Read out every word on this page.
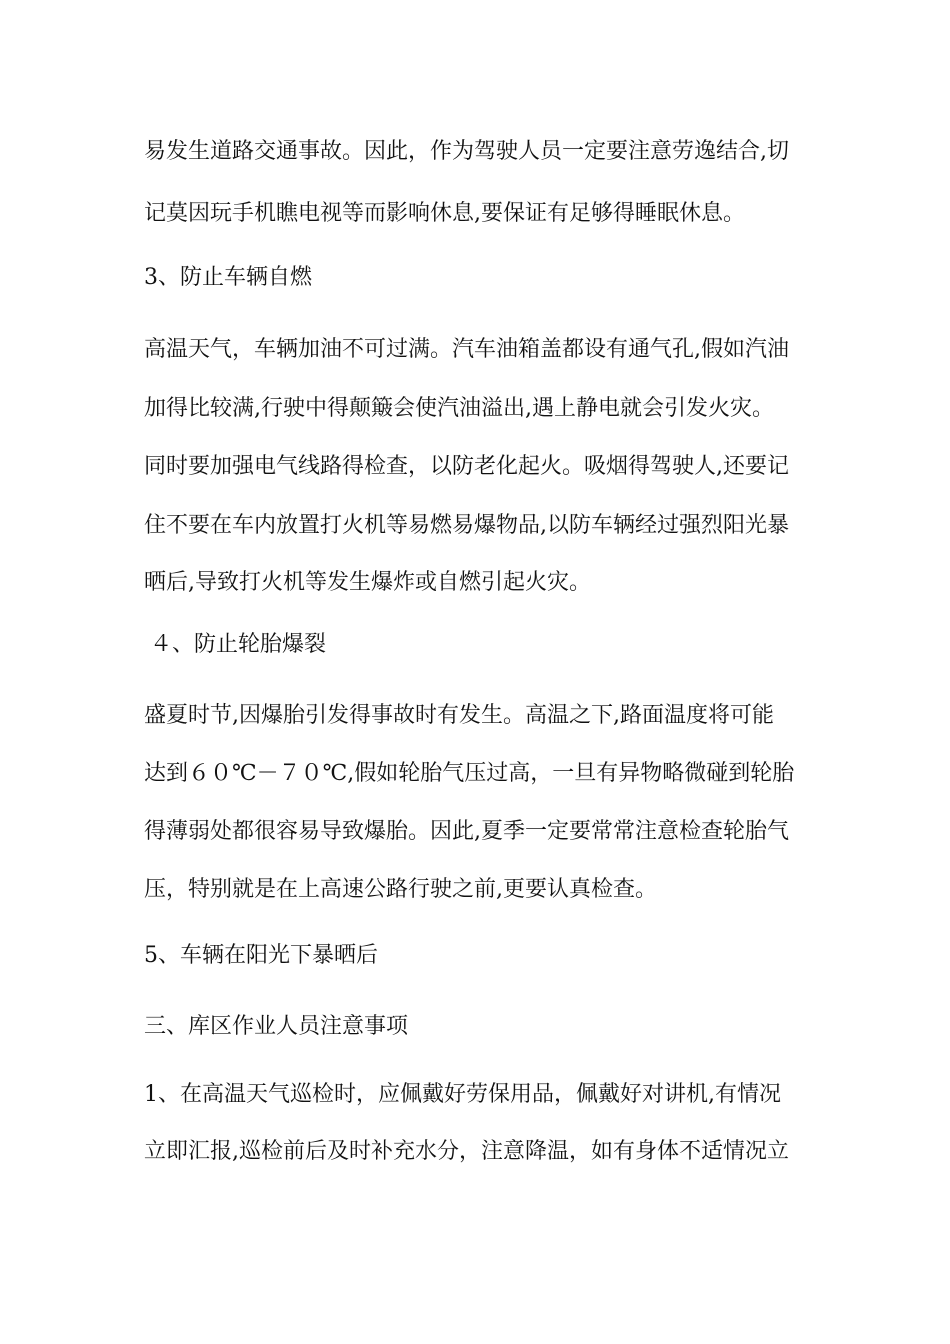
易发生道路交通事故。因此，作为驾驶人员一定要注意劳逸结合,切

记莫因玩手机瞧电视等而影响休息,要保证有足够得睡眠休息。

3、防止车辆自燃

高温天气，车辆加油不可过满。汽车油箱盖都设有通气孔,假如汽油

加得比较满,行驶中得颠簸会使汽油溢出,遇上静电就会引发火灾。

同时要加强电气线路得检查，以防老化起火。吸烟得驾驶人,还要记

住不要在车内放置打火机等易燃易爆物品,以防车辆经过强烈阳光暴

晒后,导致打火机等发生爆炸或自燃引起火灾。

４、防止轮胎爆裂

盛夏时节,因爆胎引发得事故时有发生。高温之下,路面温度将可能

达到６０℃－７０℃,假如轮胎气压过高，一旦有异物略微碰到轮胎

得薄弱处都很容易导致爆胎。因此,夏季一定要常常注意检查轮胎气

压，特别就是在上高速公路行驶之前,更要认真检查。

5、车辆在阳光下暴晒后

三、库区作业人员注意事项

1、在高温天气巡检时，应佩戴好劳保用品，佩戴好对讲机,有情况

立即汇报,巡检前后及时补充水分，注意降温，如有身体不适情况立
